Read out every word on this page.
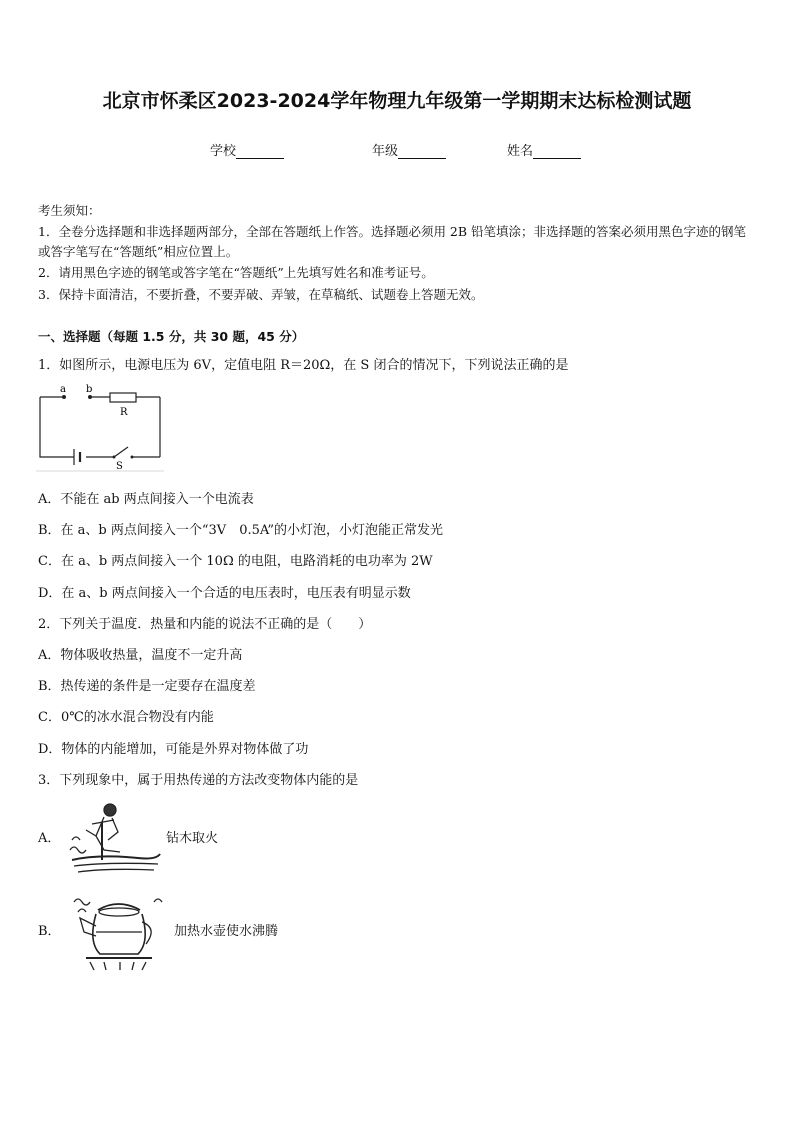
北京市怀柔区2023-2024学年物理九年级第一学期期末达标检测试题
学校	年级	姓名
考生须知：
1．全卷分选择题和非选择题两部分，全部在答题纸上作答。选择题必须用 2B 铅笔填涂；非选择题的答案必须用黑色字迹的钢笔或答字笔写在“答题纸”相应位置上。
2．请用黑色字迹的钢笔或答字笔在“答题纸”上先填写姓名和准考证号。
3．保持卡面清洁，不要折叠，不要弄破、弄皱，在草稿纸、试题卷上答题无效。
一、选择题（每题 1.5 分，共 30 题，45 分）
1．如图所示，电源电压为 6V，定值电阻 R＝20Ω，在 S 闭合的情况下，下列说法正确的是
a b
R
S
A．不能在 ab 两点间接入一个电流表
B．在 a、b 两点间接入一个“3V　0.5A”的小灯泡，小灯泡能正常发光
C．在 a、b 两点间接入一个 10Ω 的电阻，电路消耗的电功率为 2W
D．在 a、b 两点间接入一个合适的电压表时，电压表有明显示数
2．下列关于温度．热量和内能的说法不正确的是（　　）
A．物体吸收热量，温度不一定升高
B．热传递的条件是一定要存在温度差
C．0℃的冰水混合物没有内能
D．物体的内能增加，可能是外界对物体做了功
3．下列现象中，属于用热传递的方法改变物体内能的是
A．	钻木取火
B．	加热水壶使水沸腾
